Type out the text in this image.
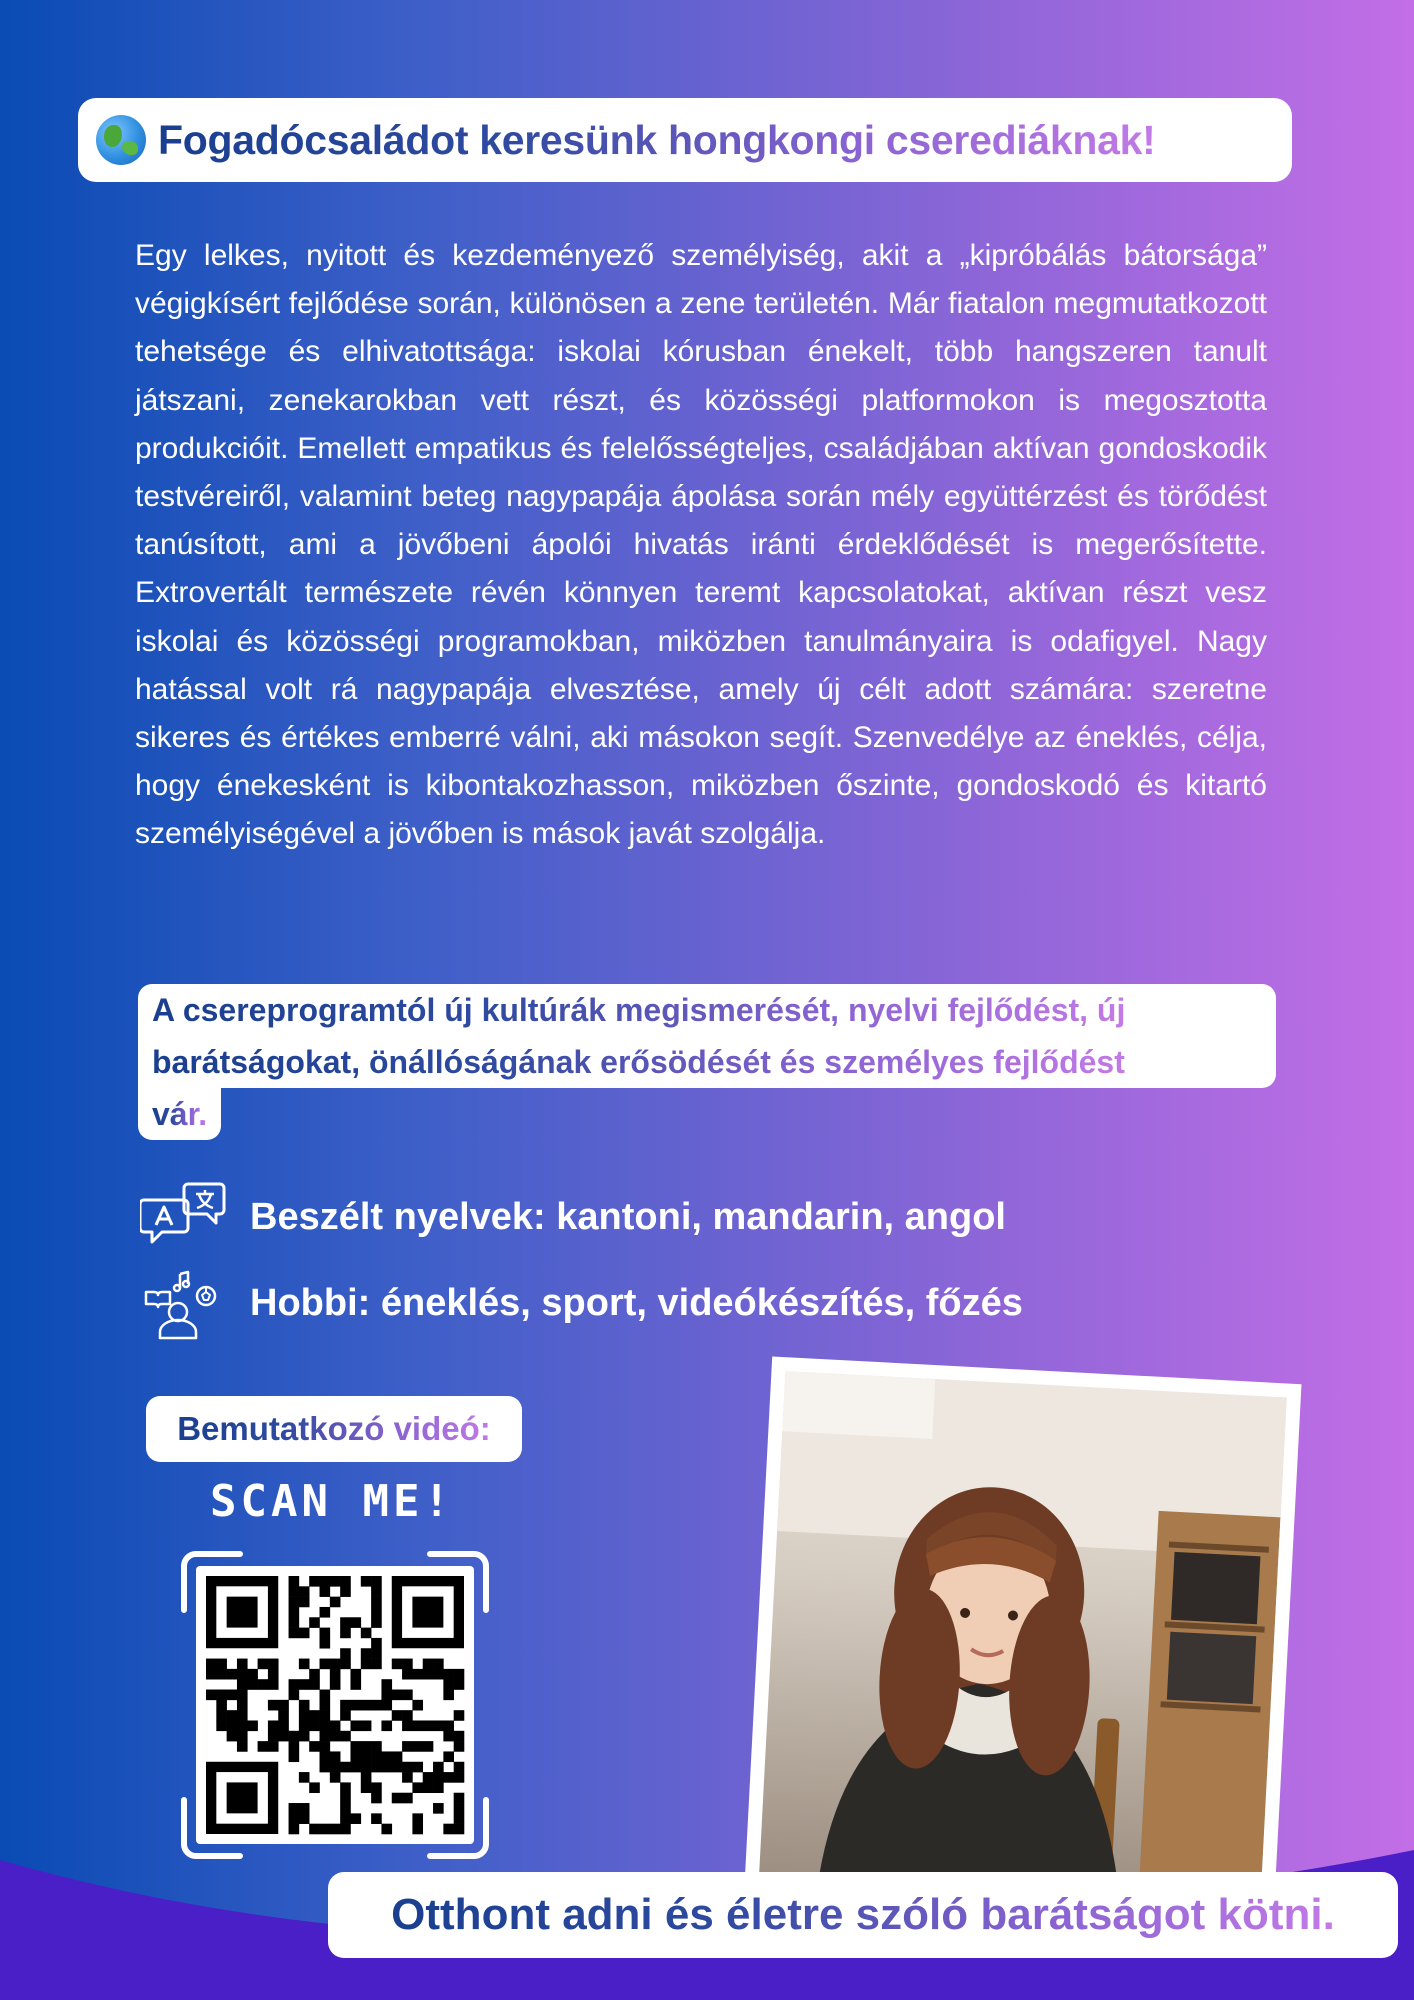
Fogadócsaládot keresünk hongkongi cserediáknak!

Egy lelkes, nyitott és kezdeményező személyiség, akit a „kipróbálás bátorsága” végigkísért fejlődése során, különösen a zene területén. Már fiatalon megmutatkozott tehetsége és elhivatottsága: iskolai kórusban énekelt, több hangszeren tanult játszani, zenekarokban vett részt, és közösségi platformokon is megosztotta produkcióit. Emellett empatikus és felelősségteljes, családjában aktívan gondoskodik testvéreiről, valamint beteg nagypapája ápolása során mély együttérzést és törődést tanúsított, ami a jövőbeni ápolói hivatás iránti érdeklődését is megerősítette. Extrovertált természete révén könnyen teremt kapcsolatokat, aktívan részt vesz iskolai és közösségi programokban, miközben tanulmányaira is odafigyel. Nagy hatással volt rá nagypapája elvesztése, amely új célt adott számára: szeretne sikeres és értékes emberré válni, aki másokon segít. Szenvedélye az éneklés, célja, hogy énekesként is kibontakozhasson, miközben őszinte, gondoskodó és kitartó személyiségével a jövőben is mások javát szolgálja.

A csereprogramtól új kultúrák megismerését, nyelvi fejlődést, új
barátságokat, önállóságának erősödését és személyes fejlődést
vár.
Beszélt nyelvek: kantoni, mandarin, angol
Hobbi: éneklés, sport, videókészítés, főzés
Bemutatkozó videó:
SCAN ME!
Otthont adni és életre szóló barátságot kötni.
